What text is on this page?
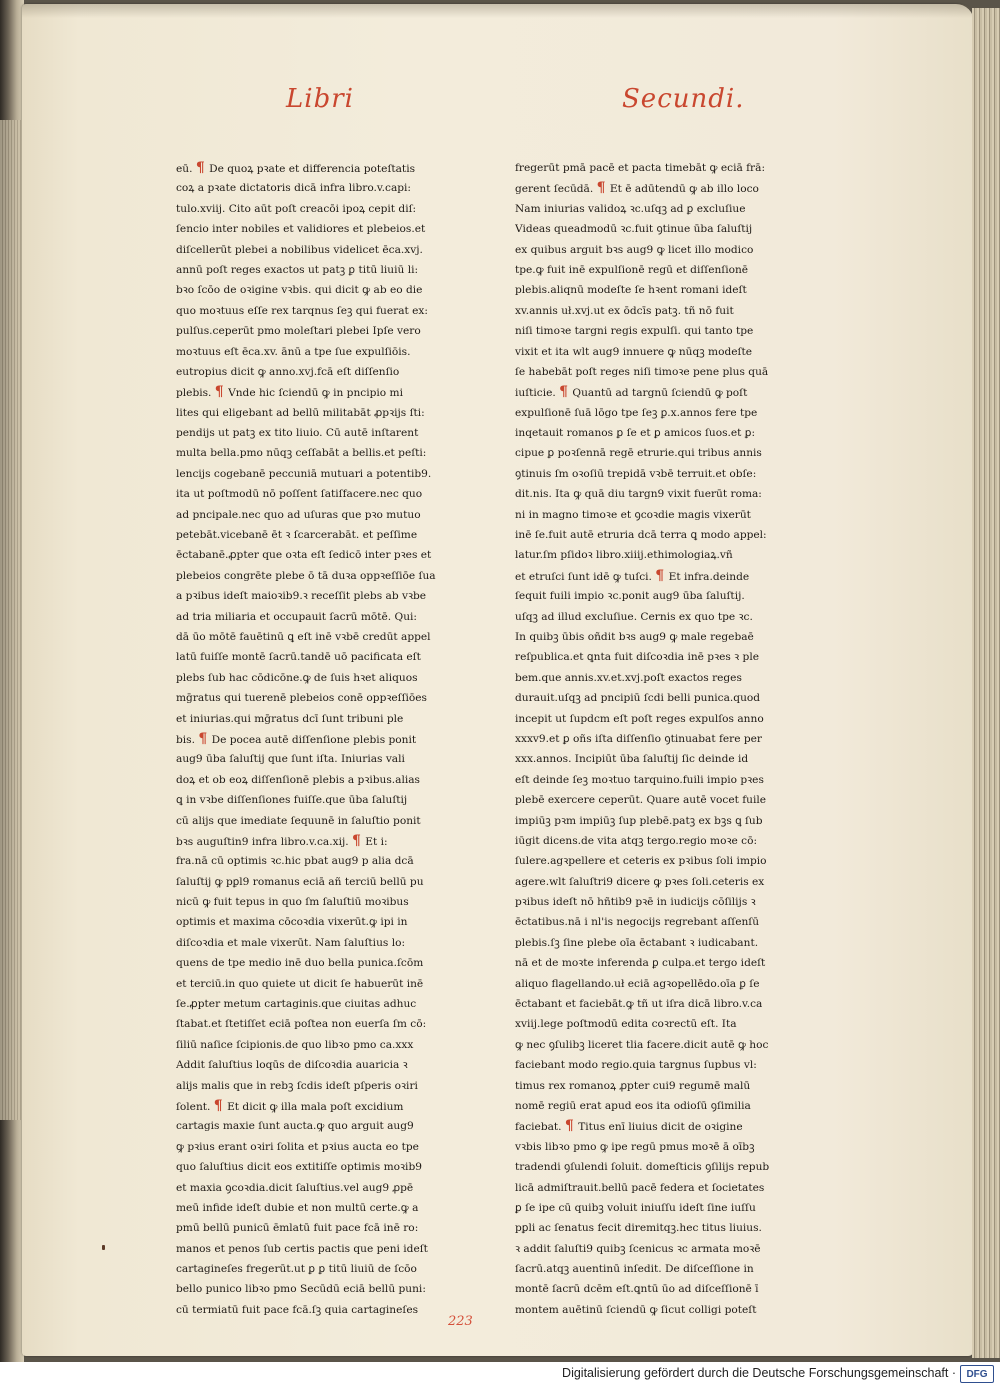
Libri	Secundi.
eū. ¶ De quoꝝ pꝛate et differencia poteſtatis
coꝝ a pꝛate dictatoris dicā infra libro.v.capi:
tulo.xviij. Cito aūt poſt creacōi ipoꝝ cepit diſ:
ſencio inter nobiles et validiores et plebeios.et
diſcellerūt plebei a nobilibus videlicet ēca.xvj.
annū poſt reges exactos ut patꝫ ꝑ titū liuiū li:
bꝛo ſcōo de oꝛigine vꝛbis. qui dicit ꝙ ab eo die
quo moꝛtuus eſſe rex tarqnus ſeꝫ qui fuerat ex:
pulſus.ceperūt pmo moleſtari plebei Ipſe vero
moꝛtuus eſt ēca.xv. ānū a tpe ſue expulſiōis.
eutropius dicit ꝙ anno.xvj.fcā eſt diſſenſio
plebis. ¶ Vnde hic ſciendū ꝙ in pncipio mi
lites qui eligebant ad bellū militabāt ꝓpꝛijs ſti:
pendijs ut patꝫ ex tito liuio. Cū autē inſtarent
multa bella.pmo nūqꝫ ceſſabāt a bellis.et peſti:
lencijs cogebanē peccuniā mutuari a potentib9.
ita ut poſtmodū nō poſſent ſatiſfacere.nec quo
ad pncipale.nec quo ad uſuras que pꝛo mutuo
petebāt.vicebanē ēt ꝛ ſcarcerabāt. et peſſime
ēctabanē.ꝓpter que oꝛta eſt ſedicō inter pꝛes et
plebeios congrēte plebe ō tā duꝛa oppꝛeſſiōe ſua
a pꝛibus ideſt maioꝛib9.ꝛ receſſit plebs ab vꝛbe
ad tria miliaria et occupauit ſacrū mōtē. Qui:
dā ūo mōtē fauētinū ꝗ eſt inē vꝛbē credūt appel
latū fuiſſe montē ſacrū.tandē uō pacificata eſt
plebs ſub hac cōdicōne.ꝙ de ſuis hꝛet aliquos
mḡratus qui tuerenē plebeios conē oppꝛeſſiōes
et iniurias.qui mḡratus dcī ſunt tribuni ple
bis. ¶ De pocea autē diſſenſione plebis ponit
aug9 ūba ſaluſtij que ſunt iſta. Iniurias vali
doꝝ et ob eoꝝ diſſenſionē plebis a pꝛibus.alias
ꝗ in vꝛbe diſſenſiones fuiſſe.que ūba ſaluſtij
cū alijs que imediate ſequunē in ſaluſtio ponit
bꝛs auguſtin9 infra libro.v.ca.xij. ¶ Et i:
fra.nā cū optimis ꝛc.hic pbat aug9 p alia dcā
ſaluſtij ꝙ pꝑl9 romanus eciā añ terciū bellū pu
nicū ꝙ fuit tepus in quo ſm ſaluſtiū moꝛibus
optimis et maxima cōcoꝛdia vixerūt.ꝙ ipi in
diſcoꝛdia et male vixerūt. Nam ſaluſtius lo:
quens de tpe medio inē duo bella punica.ſcōm
et terciū.in quo quiete ut dicit ſe habuerūt inē
ſe.ꝓpter metum cartaginis.que ciuitas adhuc
ſtabat.et ſtetiſſet eciā poſtea non euerſa ſm cō:
ſiliū naſice ſcipionis.de quo libꝛo pmo ca.xxx
Addit ſaluſtius loqūs de diſcoꝛdia auaricia ꝛ
alijs malis que in rebꝫ ſcdis ideſt pſperis oꝛiri
ſolent. ¶ Et dicit ꝙ illa mala poſt excidium
cartagis maxie ſunt aucta.ꝙ quo arguit aug9
ꝙ pꝛius erant oꝛiri ſolita et pꝛius aucta eo tpe
quo ſaluſtius dicit eos extitiſſe optimis moꝛib9
et maxia ꝯcoꝛdia.dicit ſaluſtius.vel aug9 ꝓpē
meū infide ideſt dubie et non multū certe.ꝙ a
pmū bellū punicū ēmlatū fuit pace fcā inē ro:
manos et penos ſub certis pactis que peni ideſt
cartagineſes fregerūt.ut ꝑ ꝑ titū liuiū de ſcōo
bello punico libꝛo pmo Secūdū eciā bellū puni:
cū termiatū fuit pace fcā.ſꝫ quia cartagineſes
fregerūt pmā pacē et pacta timebāt ꝙ eciā frā:
gerent ſecūdā. ¶ Et ē adūtendū ꝙ ab illo loco
Nam iniurias validoꝝ ꝛc.uſqꝫ ad ꝑ excluſiue
Videas queadmodū ꝛc.fuit ꝯtinue ūba ſaluſtij
ex quibus arguit bꝛs aug9 ꝙ licet illo modico
tpe.ꝙ fuit inē expulſionē regū et diſſenſionē
plebis.aliqnū modeſte ſe hꝛent romani ideſt
xv.annis uł.xvj.ut ex ōdcīs patꝫ. tñ nō fuit
niſi timoꝛe targni regis expulſi. qui tanto tpe
vixit et ita wlt aug9 innuere ꝙ nūqꝫ modeſte
ſe habebāt poſt reges niſi timoꝛe pene plus quā
iuſticie. ¶ Quantū ad targnū ſciendū ꝙ poſt
expulſionē ſuā lōgo tpe ſeꝫ ꝑ.x.annos fere tpe
inqetauit romanos ꝑ ſe et ꝑ amicos ſuos.et ꝑ:
cipue ꝑ poꝛſennā regē etrurie.qui tribus annis
ꝯtinuis ſm oꝛoſiū trepidā vꝛbē terruit.et obſe:
dit.nis. Ita ꝙ quā diu targn9 vixit fuerūt roma:
ni in magno timoꝛe et ꝯcoꝛdie magis vixerūt
inē ſe.fuit autē etruria dcā terra ꝗ modo appel:
latur.ſm pſidoꝛ libro.xiiij.ethimologiaꝝ.vñ
et etruſci ſunt idē ꝙ tuſci. ¶ Et infra.deinde
ſequit fuili impio ꝛc.ponit aug9 ūba ſaluſtij.
uſqꝫ ad illud excluſiue. Cernis ex quo tpe ꝛc.
In quibꝫ ūbis oñdit bꝛs aug9 ꝙ male regebaē
reſpublica.et ꝗnta fuit diſcoꝛdia inē pꝛes ꝛ ple
bem.que annis.xv.et.xvj.poſt exactos reges
durauit.uſqꝫ ad pncipiū ſcdi belli punica.quod
incepit ut ſupdcm eſt poſt reges expulſos anno
xxxv9.et ꝑ oñs iſta diſſenſio ꝯtinuabat fere per
xxx.annos. Incipiūt ūba ſaluſtij ſic deinde id
eſt deinde ſeꝫ moꝛtuo tarquino.fuili impio pꝛes
plebē exercere ceperūt. Quare autē vocet fuile
impiūꝫ pꝛm impiūꝫ ſup plebē.patꝫ ex bꝫs ꝗ ſub
iūgit dicens.de vita atqꝫ tergo.regio moꝛe cō:
ſulere.agꝛpellere et ceteris ex pꝛibus ſoli impio
agere.wlt ſaluſtri9 dicere ꝙ pꝛes ſoli.ceteris ex
pꝛibus ideſt nō hñtib9 pꝛē in iudicijs cōſilijs ꝛ
ēctatibus.nā i nl'is negocijs regrebant aſſenſū
plebis.ſꝫ ſine plebe oīa ēctabant ꝛ iudicabant.
nā et de moꝛte inferenda ꝑ culpa.et tergo ideſt
aliquo flagellando.uł eciā agꝛopellēdo.oīa ꝑ ſe
ēctabant et faciebāt.ꝙ tñ ut iſra dicā libro.v.ca
xviij.lege poſtmodū edita coꝛrectū eſt. Ita
ꝙ nec ꝯſulibꝫ liceret tlia facere.dicit autē ꝙ hoc
faciebant modo regio.quia targnus ſupbus vl:
timus rex romanoꝝ ꝓpter cui9 regumē malū
nomē regiū erat apud eos ita odioſū ꝯſimilia
faciebat. ¶ Titus enī liuius dicit de oꝛigine
vꝛbis libꝛo pmo ꝙ ipe regū pmus moꝛē ā oībꝫ
tradendi ꝯſulendi ſoluit. domeſticis ꝯſilijs repub
licā admiſtrauit.bellū pacē federa et ſocietates
ꝑ ſe ipe cū quibꝫ voluit iniuſſu ideſt ſine iuſſu
pꝑli ac ſenatus fecit diremitqꝫ.hec titus liuius.
ꝛ addit ſaluſti9 quibꝫ ſcenicus ꝛc armata moꝛē
ſacrū.atqꝫ auentinū inſedit. De diſceſſione in
montē ſacrū dcēm eſt.ꝗntū ūo ad diſceſſionē ī
montem auētinū ſciendū ꝙ ſicut colligi poteſt
223
Digitalisierung gefördert durch die Deutsche Forschungsgemeinschaft ·	DFG
